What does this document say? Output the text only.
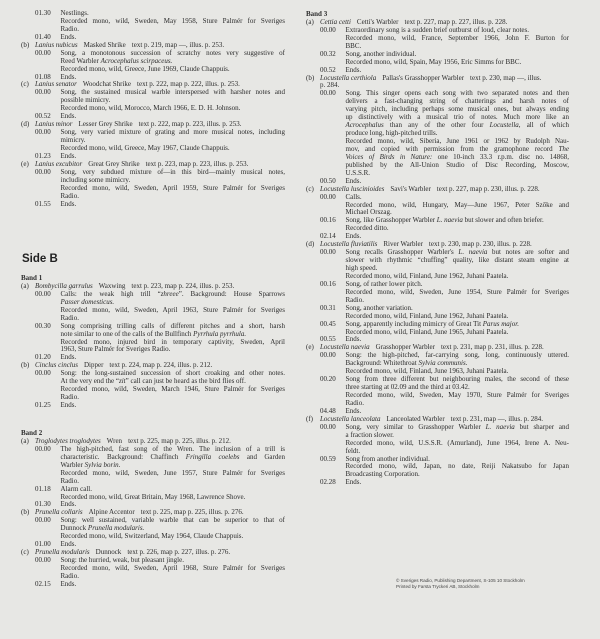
01.30 Nestlings.
Recorded mono, wild, Sweden, May 1958, Sture Palmér for Sveriges
Radio.
01.40 Ends.
(b) Lanius nubicus Masked Shrike text p. 219, map —, illus. p. 253.
00.00 Song, a monotonous succession of scratchy notes very suggestive of
Reed Warbler Acrocephalus scirpaceus.
Recorded mono, wild, Greece, June 1969, Claude Chappuis.
01.08 Ends.
(c) Lanius senator Woodchat Shrike text p. 222, map p. 222, illus. p. 253.
00.00 Song, the sustained musical warble interspersed with harsher notes and
possible mimicry.
Recorded mono, wild, Morocco, March 1966, E. D. H. Johnson.
00.52 Ends.
(d) Lanius minor Lesser Grey Shrike text p. 222, map p. 223, illus. p. 253.
00.00 Song, very varied mixture of grating and more musical notes, including
mimicry.
Recorded mono, wild, Greece, May 1967, Claude Chappuis.
01.23 Ends.
(e) Lanius excubitor Great Grey Shrike text p. 223, map p. 223, illus. p. 253.
00.00 Song, very subdued mixture of—in this bird—mainly musical notes,
including some mimicry.
Recorded mono, wild, Sweden, April 1959, Sture Palmér for Sveriges
Radio.
01.55 Ends.
Side B
Band 1
(a) Bombycilla garrulus Waxwing text p. 223, map p. 224, illus. p. 253.
00.00 Calls: the weak high trill “zhreee”. Background: House Sparrows
Passer domesticus.
Recorded mono, wild, Sweden, April 1963, Sture Palmér for Sveriges
Radio.
00.30 Song comprising trilling calls of different pitches and a short, harsh
note similar to one of the calls of the Bullfinch Pyrrhula pyrrhula.
Recorded mono, injured bird in temporary captivity, Sweden, April
1963, Sture Palmér for Sveriges Radio.
01.20 Ends.
(b) Cinclus cinclus Dipper text p. 224, map p. 224, illus. p. 212.
00.00 Song: the long-sustained succession of short croaking and other notes.
At the very end the “zit” call can just be heard as the bird flies off.
Recorded mono, wild, Sweden, March 1946, Sture Palmér for Sveriges
Radio.
01.25 Ends.
Band 2
(a) Troglodytes troglodytes Wren text p. 225, map p. 225, illus. p. 212.
00.00 The high-pitched, fast song of the Wren. The inclusion of a trill is
characteristic. Background: Chaffinch Fringilla coelebs and Garden
Warbler Sylvia borin.
Recorded mono, wild, Sweden, June 1957, Sture Palmér for Sveriges
Radio.
01.18 Alarm call.
Recorded mono, wild, Great Britain, May 1968, Lawrence Shove.
01.30 Ends.
(b) Prunella collaris Alpine Accentor text p. 225, map p. 225, illus. p. 276.
00.00 Song: well sustained, variable warble that can be superior to that of
Dunnock Prunella modularis.
Recorded mono, wild, Switzerland, May 1964, Claude Chappuis.
01.00 Ends.
(c) Prunella modularis Dunnock text p. 226, map p. 227, illus. p. 276.
00.00 Song: the hurried, weak, but pleasant jingle.
Recorded mono, wild, Sweden, April 1968, Sture Palmér for Sveriges
Radio.
02.15 Ends.
Band 3
(a) Cettia cetti Cetti's Warbler text p. 227, map p. 227, illus. p. 228.
00.00 Extraordinary song is a sudden brief outburst of loud, clear notes.
Recorded mono, wild, France, September 1966, John F. Burton for
BBC.
00.32 Song, another individual.
Recorded mono, wild, Spain, May 1956, Eric Simms for BBC.
00.52 Ends.
(b) Locustella certhiola Pallas's Grasshopper Warbler text p. 230, map —, illus.
p. 284.
00.00 Song. This singer opens each song with two separated notes and then
delivers a fast-changing string of chatterings and harsh notes of
varying pitch, including perhaps some musical ones, but always ending
up distinctively with a musical trio of notes. Much more like an
Acrocephalus than any of the other four Locustella, all of which
produce long, high-pitched trills.
Recorded mono, wild, Siberia, June 1961 or 1962 by Rudolph Nau-
mov, and copied with permission from the gramophone record The
Voices of Birds in Nature: one 10-inch 33.3 r.p.m. disc no. 14868,
published by the All-Union Studio of Disc Recording, Moscow,
U.S.S.R.
00.50 Ends.
(c) Locustella luscinioides Savi's Warbler text p. 227, map p. 230, illus. p. 228.
00.00 Calls.
Recorded mono, wild, Hungary, May—June 1967, Peter Szőke and
Michael Orszag.
00.16 Song, like Grasshopper Warbler L. naevia but slower and often briefer.
Recorded ditto.
02.14 Ends.
(d) Locustella fluviatilis River Warbler text p. 230, map p. 230, illus. p. 228.
00.00 Song recalls Grasshopper Warbler's L. naevia but notes are softer and
slower with rhythmic “chuffing” quality, like distant steam engine at
high speed.
Recorded mono, wild, Finland, June 1962, Juhani Paatela.
00.16 Song, of rather lower pitch.
Recorded mono, wild, Sweden, June 1954, Sture Palmér for Sveriges
Radio.
00.31 Song, another variation.
Recorded mono, wild, Finland, June 1962, Juhani Paatela.
00.45 Song, apparently including mimicry of Great Tit Parus major.
Recorded mono, wild, Finland, June 1965, Juhani Paatela.
00.55 Ends.
(e) Locustella naevia Grasshopper Warbler text p. 231, map p. 231, illus. p. 228.
00.00 Song: the high-pitched, far-carrying song, long, continuously uttered.
Background: Whitethroat Sylvia communis.
Recorded mono, wild, Finland, June 1963, Juhani Paatela.
00.20 Song from three different but neighbouring males, the second of these
three starting at 02.09 and the third at 03.42.
Recorded mono, wild, Sweden, May 1970, Sture Palmér for Sveriges
Radio.
04.48 Ends.
(f) Locustella lanceolata Lanceolated Warbler text p. 231, map —, illus. p. 284.
00.00 Song, very similar to Grasshopper Warbler L. naevia but sharper and
a fraction slower.
Recorded mono, wild, U.S.S.R. (Amurland), June 1964, Irene A. Neu-
feldt.
00.59 Song from another individual.
Recorded mono, wild, Japan, no date, Reiji Nakatsubo for Japan
Broadcasting Corporation.
02.28 Ends.
© Sveriges Radio, Publishing Department, S-105 10 Stockholm
Printed by Farsta Tryckeri AB, Stockholm
